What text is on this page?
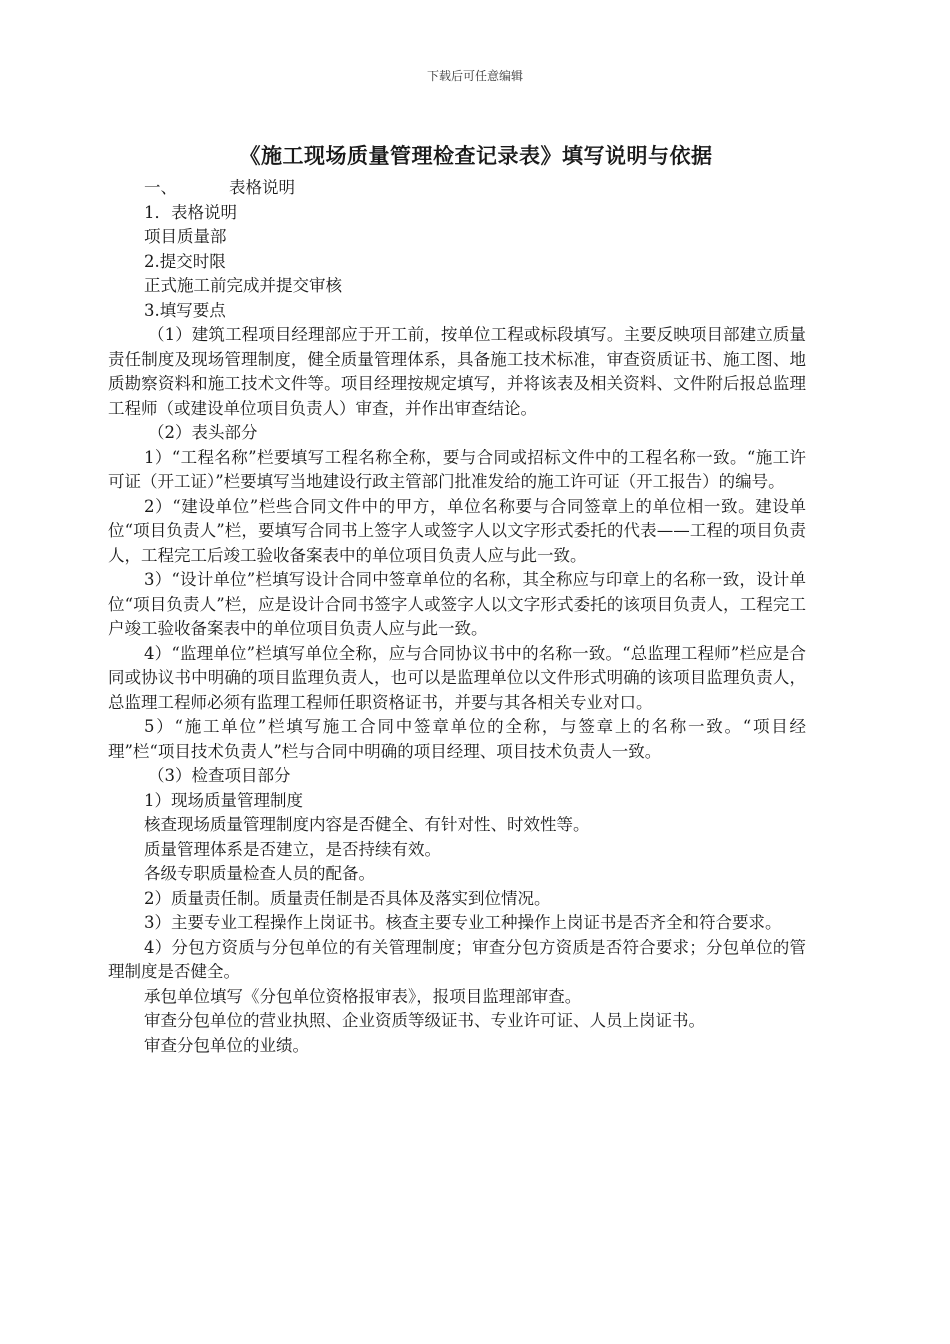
下载后可任意编辑
《施工现场质量管理检查记录表》填写说明与依据
一、	表格说明
1．表格说明
项目质量部
2.提交时限
正式施工前完成并提交审核
3.填写要点

（1）建筑工程项目经理部应于开工前，按单位工程或标段填写。主要反映项目部建立质量责任制度及现场管理制度，健全质量管理体系，具备施工技术标准，审查资质证书、施工图、地质勘察资料和施工技术文件等。项目经理按规定填写，并将该表及相关资料、文件附后报总监理工程师（或建设单位项目负责人）审查，并作出审查结论。

（2）表头部分

1）“工程名称”栏要填写工程名称全称，要与合同或招标文件中的工程名称一致。“施工许可证（开工证）”栏要填写当地建设行政主管部门批准发给的施工许可证（开工报告）的编号。

2）“建设单位”栏些合同文件中的甲方，单位名称要与合同签章上的单位相一致。建设单位“项目负责人”栏，要填写合同书上签字人或签字人以文字形式委托的代表——工程的项目负责人，工程完工后竣工验收备案表中的单位项目负责人应与此一致。

3）“设计单位”栏填写设计合同中签章单位的名称，其全称应与印章上的名称一致，设计单位“项目负责人”栏，应是设计合同书签字人或签字人以文字形式委托的该项目负责人，工程完工户竣工验收备案表中的单位项目负责人应与此一致。

4）“监理单位”栏填写单位全称，应与合同协议书中的名称一致。“总监理工程师”栏应是合同或协议书中明确的项目监理负责人，也可以是监理单位以文件形式明确的该项目监理负责人，总监理工程师必须有监理工程师任职资格证书，并要与其各相关专业对口。

5）“施工单位”栏填写施工合同中签章单位的全称，与签章上的名称一致。“项目经理”栏“项目技术负责人”栏与合同中明确的项目经理、项目技术负责人一致。

（3）检查项目部分
1）现场质量管理制度
核查现场质量管理制度内容是否健全、有针对性、时效性等。
质量管理体系是否建立，是否持续有效。
各级专职质量检查人员的配备。
2）质量责任制。质量责任制是否具体及落实到位情况。

3）主要专业工程操作上岗证书。核查主要专业工种操作上岗证书是否齐全和符合要求。

4）分包方资质与分包单位的有关管理制度；审查分包方资质是否符合要求；分包单位的管理制度是否健全。

承包单位填写《分包单位资格报审表》，报项目监理部审查。
审查分包单位的营业执照、企业资质等级证书、专业许可证、人员上岗证书。
审查分包单位的业绩。
